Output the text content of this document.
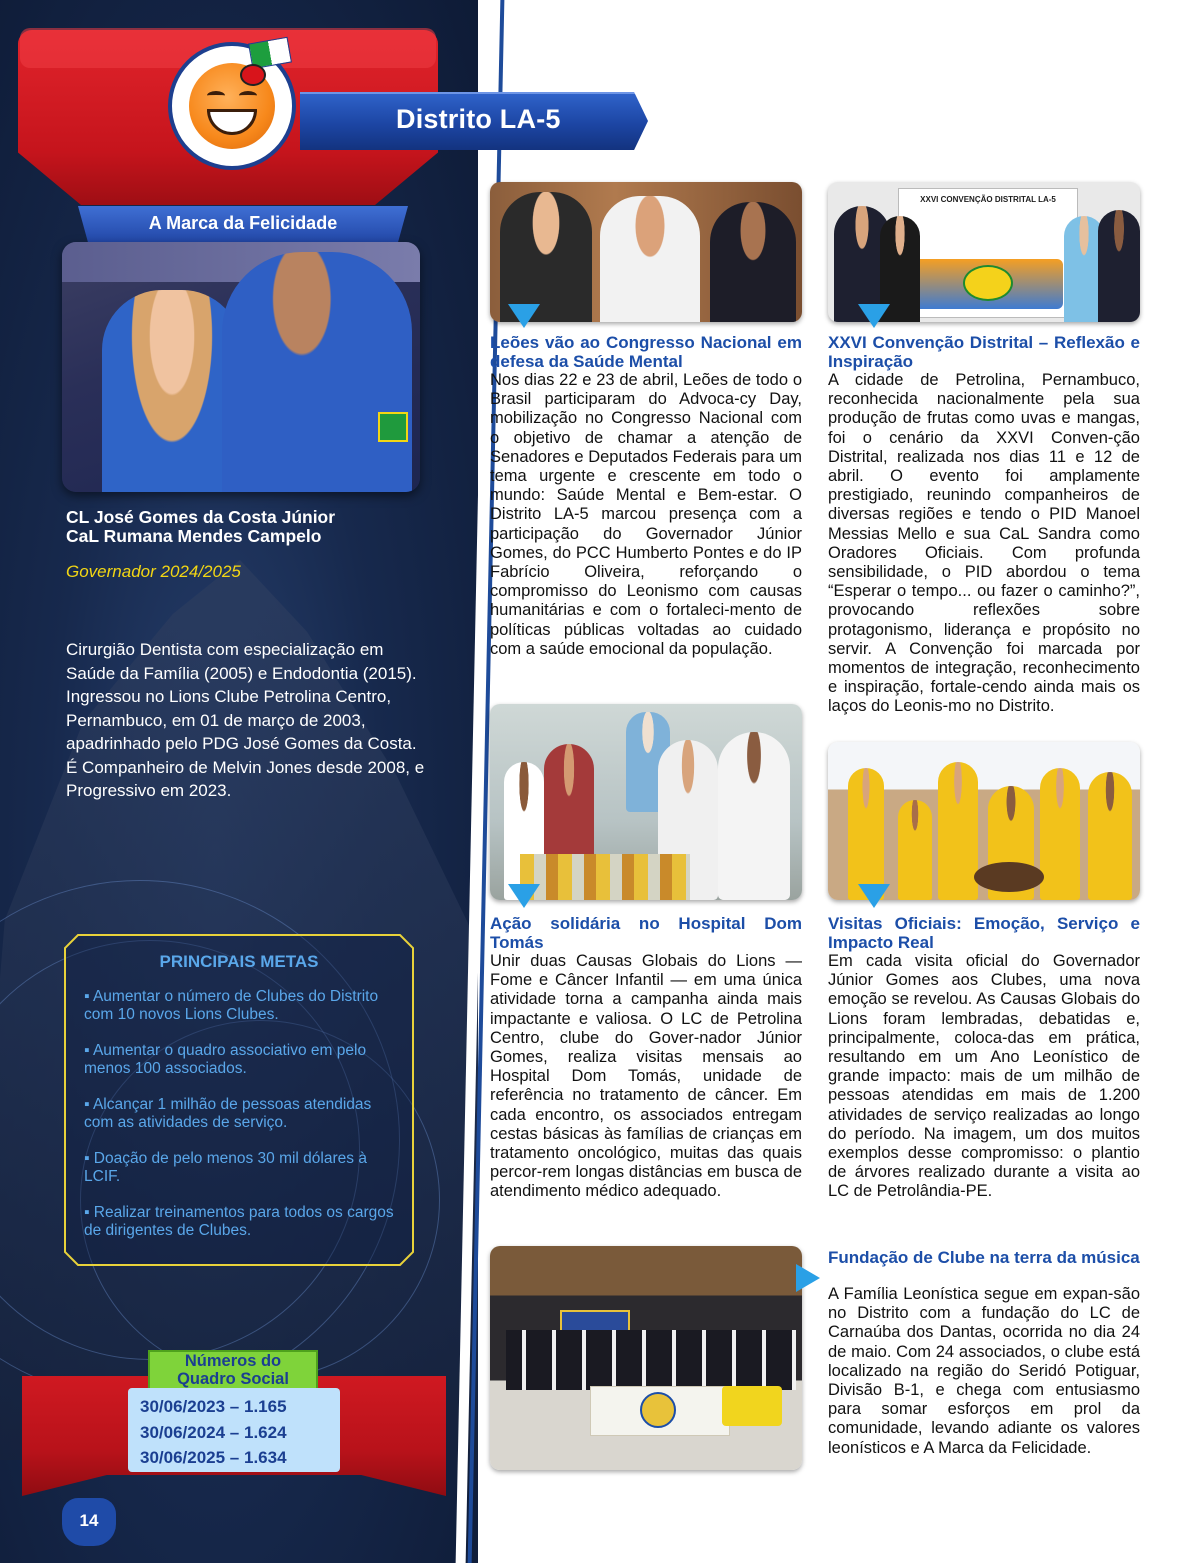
Distrito LA-5
A Marca da Felicidade
CL José Gomes da Costa Júnior
CaL Rumana Mendes Campelo
Governador 2024/2025
Cirurgião Dentista com especialização em Saúde da Família (2005) e Endodontia (2015). Ingressou no Lions Clube Petrolina Centro, Pernambuco, em 01 de março de 2003, apadrinhado pelo PDG José Gomes da Costa. É Companheiro de Melvin Jones desde 2008, e Progressivo em 2023.
PRINCIPAIS METAS
▪ Aumentar o número de Clubes do Distrito com 10 novos Lions Clubes.
▪ Aumentar o quadro associativo em pelo menos 100 associados.
▪ Alcançar 1 milhão de pessoas atendidas com as atividades de serviço.
▪ Doação de pelo menos 30 mil dólares à LCIF.
▪ Realizar treinamentos para todos os cargos de dirigentes de Clubes.
Números do
Quadro Social
30/06/2023 – 1.165
30/06/2024 – 1.624
30/06/2025 – 1.634
14
XXVI CONVENÇÃO DISTRITAL LA-5
Leões vão ao Congresso Nacional em defesa da Saúde Mental
Nos dias 22 e 23 de abril, Leões de todo o Brasil participaram do Advoca-cy Day, mobilização no Congresso Nacional com o objetivo de chamar a atenção de Senadores e Deputados Federais para um tema urgente e crescente em todo o mundo: Saúde Mental e Bem-estar. O Distrito LA-5 marcou presença com a participação do Governador Júnior Gomes, do PCC Humberto Pontes e do IP Fabrício Oliveira, reforçando o compromisso do Leonismo com causas humanitárias e com o fortaleci-mento de políticas públicas voltadas ao cuidado com a saúde emocional da população.
XXVI Convenção Distrital – Reflexão e Inspiração
A cidade de Petrolina, Pernambuco, reconhecida nacionalmente pela sua produção de frutas como uvas e mangas, foi o cenário da XXVI Conven-ção Distrital, realizada nos dias 11 e 12 de abril. O evento foi amplamente prestigiado, reunindo companheiros de diversas regiões e tendo o PID Manoel Messias Mello e sua CaL Sandra como Oradores Oficiais. Com profunda sensibilidade, o PID abordou o tema “Esperar o tempo... ou fazer o caminho?”, provocando reflexões sobre protagonismo, liderança e propósito no servir. A Convenção foi marcada por momentos de integração, reconhecimento e inspiração, fortale-cendo ainda mais os laços do Leonis-mo no Distrito.
Ação solidária no Hospital Dom Tomás
Unir duas Causas Globais do Lions — Fome e Câncer Infantil — em uma única atividade torna a campanha ainda mais impactante e valiosa. O LC de Petrolina Centro, clube do Gover-nador Júnior Gomes, realiza visitas mensais ao Hospital Dom Tomás, unidade de referência no tratamento de câncer. Em cada encontro, os associados entregam cestas básicas às famílias de crianças em tratamento oncológico, muitas das quais percor-rem longas distâncias em busca de atendimento médico adequado.
Visitas Oficiais: Emoção, Serviço e Impacto Real
Em cada visita oficial do Governador Júnior Gomes aos Clubes, uma nova emoção se revelou. As Causas Globais do Lions foram lembradas, debatidas e, principalmente, coloca-das em prática, resultando em um Ano Leonístico de grande impacto: mais de um milhão de pessoas atendidas em mais de 1.200 atividades de serviço realizadas ao longo do período. Na imagem, um dos muitos exemplos desse compromisso: o plantio de árvores realizado durante a visita ao LC de Petrolândia-PE.
Fundação de Clube na terra da música
A Família Leonística segue em expan-são no Distrito com a fundação do LC de Carnaúba dos Dantas, ocorrida no dia 24 de maio. Com 24 associados, o clube está localizado na região do Seridó Potiguar, Divisão B-1, e chega com entusiasmo para somar esforços em prol da comunidade, levando adiante os valores leonísticos e A Marca da Felicidade.
